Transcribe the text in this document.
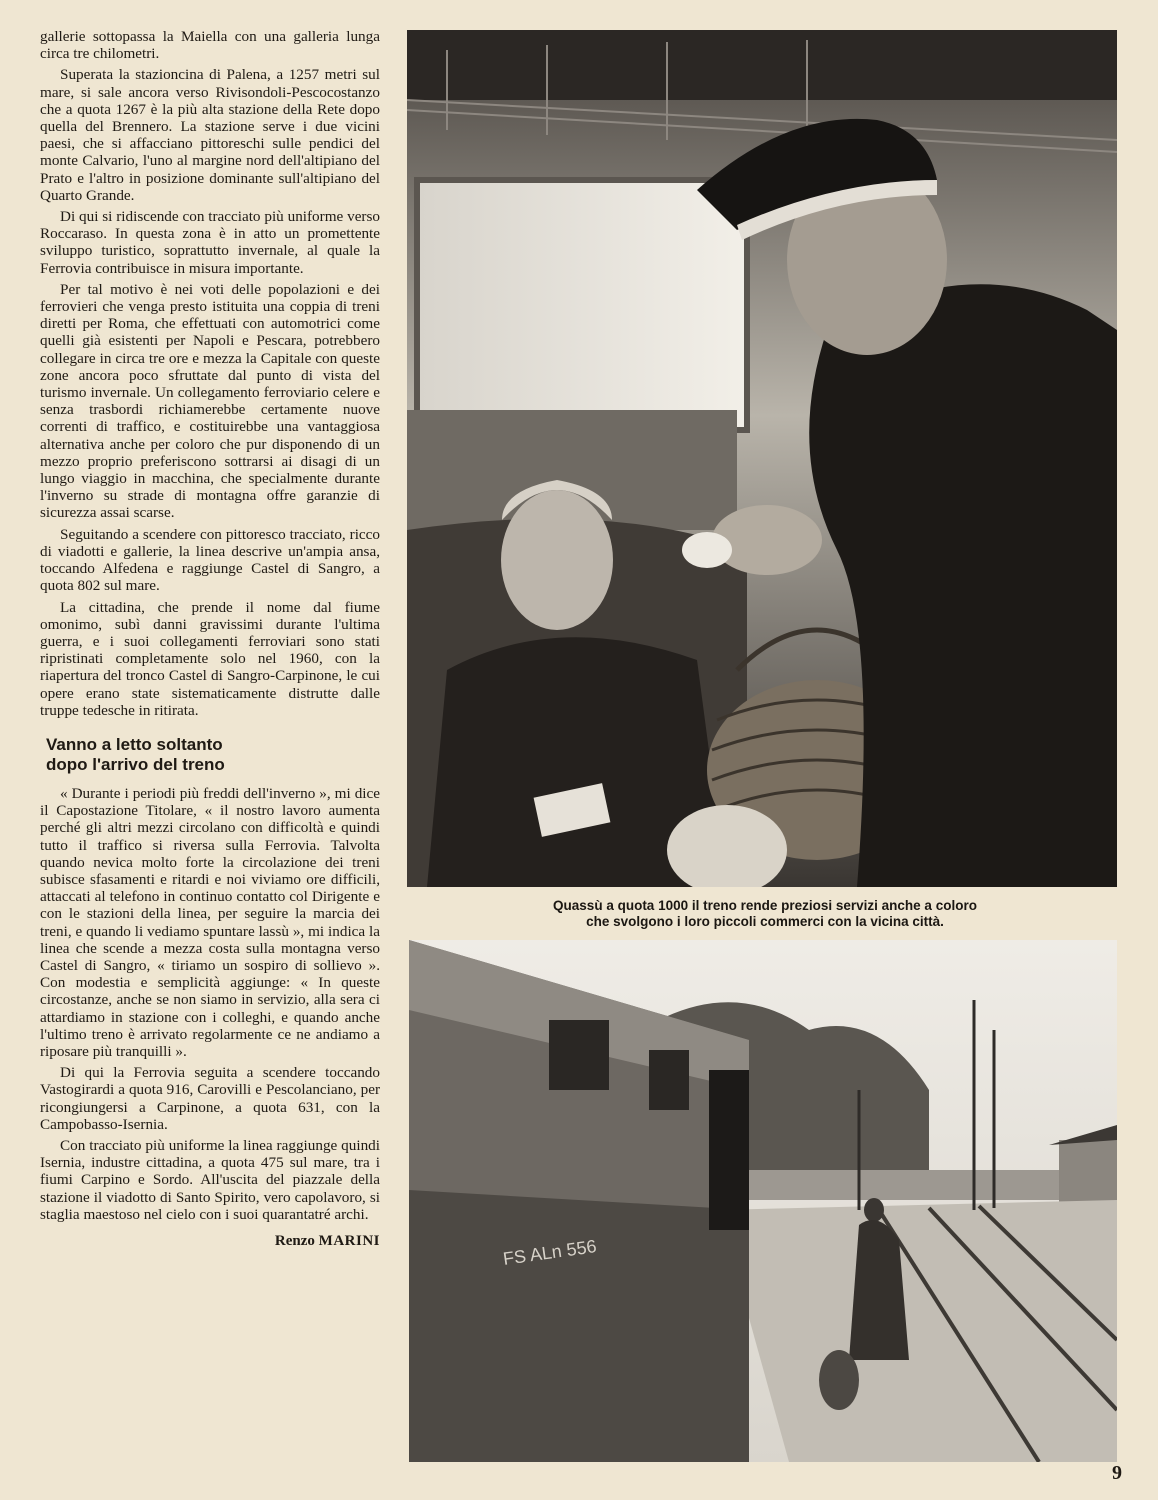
gallerie sottopassa la Maiella con una galleria lunga circa tre chilometri.

Superata la stazioncina di Palena, a 1257 metri sul mare, si sale ancora verso Rivisondoli-Pescocostanzo che a quota 1267 è la più alta stazione della Rete dopo quella del Brennero. La stazione serve i due vicini paesi, che si affacciano pittoreschi sulle pendici del monte Calvario, l'uno al margine nord dell'altipiano del Prato e l'altro in posizione dominante sull'altipiano del Quarto Grande.

Di qui si ridiscende con tracciato più uniforme verso Roccaraso. In questa zona è in atto un promettente sviluppo turistico, soprattutto invernale, al quale la Ferrovia contribuisce in misura importante.

Per tal motivo è nei voti delle popolazioni e dei ferrovieri che venga presto istituita una coppia di treni diretti per Roma, che effettuati con automotrici come quelli già esistenti per Napoli e Pescara, potrebbero collegare in circa tre ore e mezza la Capitale con queste zone ancora poco sfruttate dal punto di vista del turismo invernale. Un collegamento ferroviario celere e senza trasbordi richiamerebbe certamente nuove correnti di traffico, e costituirebbe una vantaggiosa alternativa anche per coloro che pur disponendo di un mezzo proprio preferiscono sottrarsi ai disagi di un lungo viaggio in macchina, che specialmente durante l'inverno su strade di montagna offre garanzie di sicurezza assai scarse.

Seguitando a scendere con pittoresco tracciato, ricco di viadotti e gallerie, la linea descrive un'ampia ansa, toccando Alfedena e raggiunge Castel di Sangro, a quota 802 sul mare.

La cittadina, che prende il nome dal fiume omonimo, subì danni gravissimi durante l'ultima guerra, e i suoi collegamenti ferroviari sono stati ripristinati completamente solo nel 1960, con la riapertura del tronco Castel di Sangro-Carpinone, le cui opere erano state sistematicamente distrutte dalle truppe tedesche in ritirata.

Vanno a letto soltanto
dopo l'arrivo del treno

« Durante i periodi più freddi dell'inverno », mi dice il Capostazione Titolare, « il nostro lavoro aumenta perché gli altri mezzi circolano con difficoltà e quindi tutto il traffico si riversa sulla Ferrovia. Talvolta quando nevica molto forte la circolazione dei treni subisce sfasamenti e ritardi e noi viviamo ore difficili, attaccati al telefono in continuo contatto col Dirigente e con le stazioni della linea, per seguire la marcia dei treni, e quando li vediamo spuntare lassù », mi indica la linea che scende a mezza costa sulla montagna verso Castel di Sangro, « tiriamo un sospiro di sollievo ». Con modestia e semplicità aggiunge: « In queste circostanze, anche se non siamo in servizio, alla sera ci attardiamo in stazione con i colleghi, e quando anche l'ultimo treno è arrivato regolarmente ce ne andiamo a riposare più tranquilli ».

Di qui la Ferrovia seguita a scendere toccando Vastogirardi a quota 916, Carovilli e Pescolanciano, per ricongiungersi a Carpinone, a quota 631, con la Campobasso-Isernia.

Con tracciato più uniforme la linea raggiunge quindi Isernia, industre cittadina, a quota 475 sul mare, tra i fiumi Carpino e Sordo. All'uscita del piazzale della stazione il viadotto di Santo Spirito, vero capolavoro, si staglia maestoso nel cielo con i suoi quarantatré archi.

Renzo MARINI
Quassù a quota 1000 il treno rende preziosi servizi anche a coloro
che svolgono i loro piccoli commerci con la vicina città.
FS ALn 556
9
